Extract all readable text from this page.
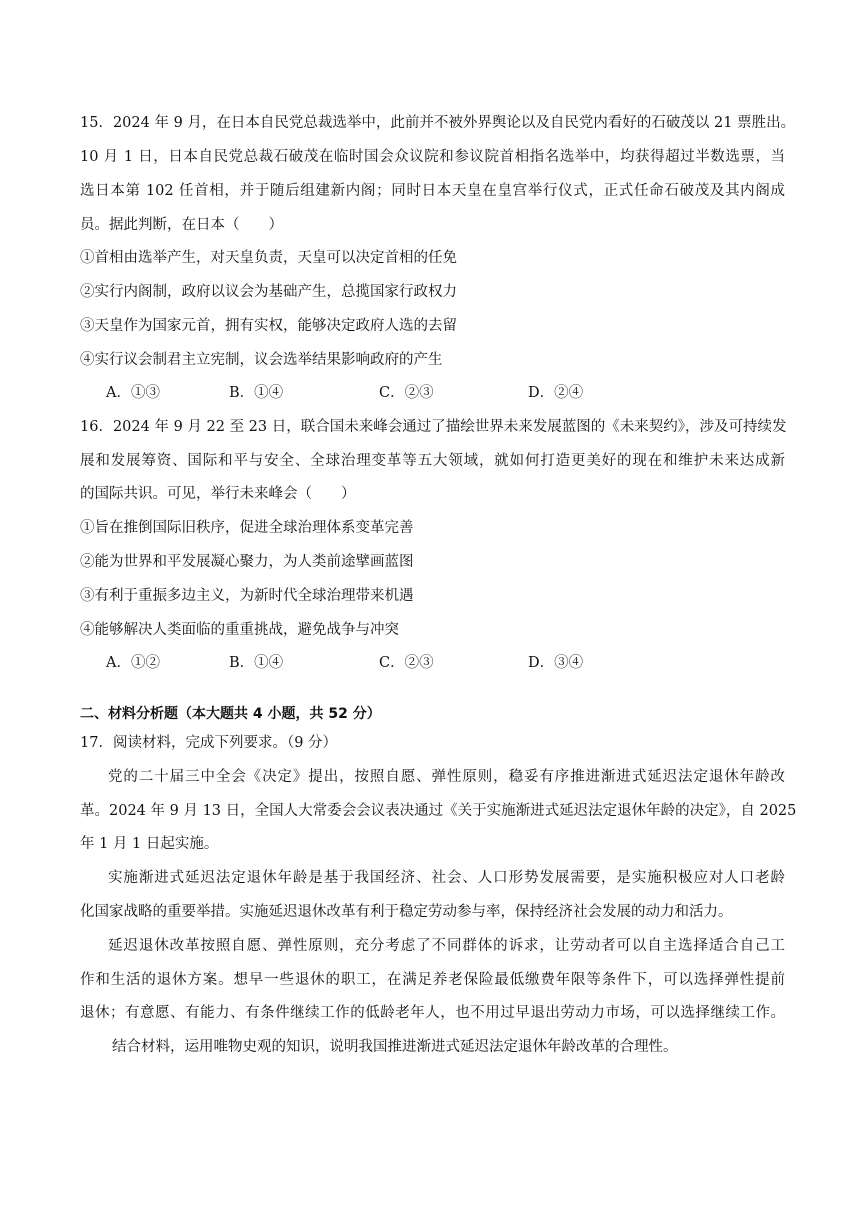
15．2024 年 9 月，在日本自民党总裁选举中，此前并不被外界舆论以及自民党内看好的石破茂以 21 票胜出。
10 月 1 日，日本自民党总裁石破茂在临时国会众议院和参议院首相指名选举中，均获得超过半数选票，当
选日本第 102 任首相，并于随后组建新内阁；同时日本天皇在皇宫举行仪式，正式任命石破茂及其内阁成
员。据此判断，在日本（　　）
①首相由选举产生，对天皇负责，天皇可以决定首相的任免
②实行内阁制，政府以议会为基础产生，总揽国家行政权力
③天皇作为国家元首，拥有实权，能够决定政府人选的去留
④实行议会制君主立宪制，议会选举结果影响政府的产生
A．①③	B．①④	C．②③	D．②④
16．2024 年 9 月 22 至 23 日，联合国未来峰会通过了描绘世界未来发展蓝图的《未来契约》，涉及可持续发
展和发展筹资、国际和平与安全、全球治理变革等五大领域，就如何打造更美好的现在和维护未来达成新
的国际共识。可见，举行未来峰会（　　）
①旨在推倒国际旧秩序，促进全球治理体系变革完善
②能为世界和平发展凝心聚力，为人类前途擘画蓝图
③有利于重振多边主义，为新时代全球治理带来机遇
④能够解决人类面临的重重挑战，避免战争与冲突
A．①②	B．①④	C．②③	D．③④
二、材料分析题（本大题共 4 小题，共 52 分）
17．阅读材料，完成下列要求。（9 分）
党的二十届三中全会《决定》提出，按照自愿、弹性原则，稳妥有序推进渐进式延迟法定退休年龄改
革。2024 年 9 月 13 日，全国人大常委会会议表决通过《关于实施渐进式延迟法定退休年龄的决定》，自 2025
年 1 月 1 日起实施。
实施渐进式延迟法定退休年龄是基于我国经济、社会、人口形势发展需要，是实施积极应对人口老龄
化国家战略的重要举措。实施延迟退休改革有利于稳定劳动参与率，保持经济社会发展的动力和活力。
延迟退休改革按照自愿、弹性原则，充分考虑了不同群体的诉求，让劳动者可以自主选择适合自己工
作和生活的退休方案。想早一些退休的职工，在满足养老保险最低缴费年限等条件下，可以选择弹性提前
退休；有意愿、有能力、有条件继续工作的低龄老年人，也不用过早退出劳动力市场，可以选择继续工作。
结合材料，运用唯物史观的知识，说明我国推进渐进式延迟法定退休年龄改革的合理性。
